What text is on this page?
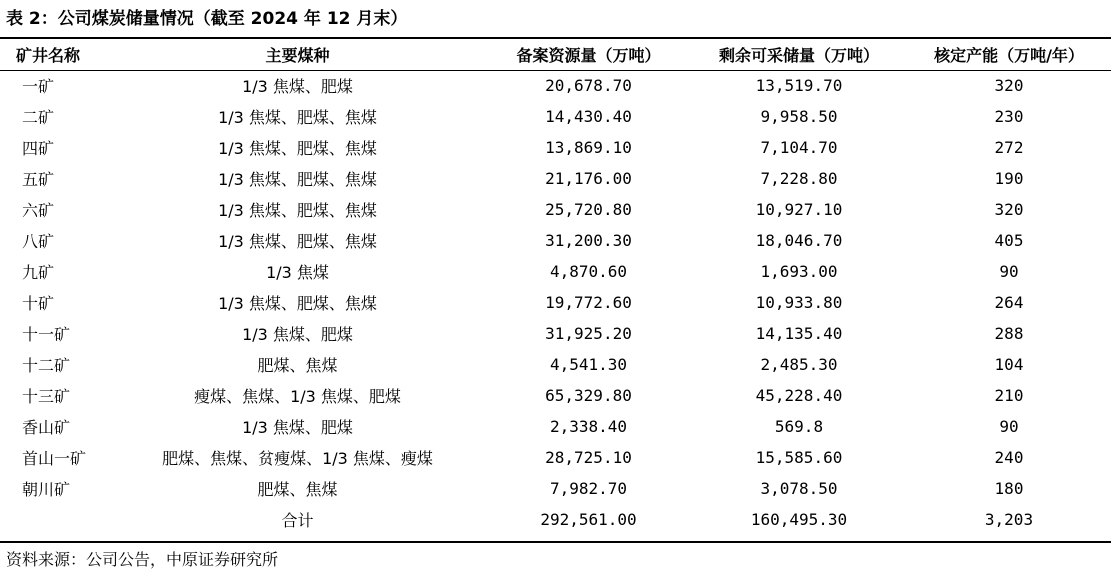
表 2：公司煤炭储量情况（截至 2024 年 12 月末）
矿井名称	主要煤种	备案资源量（万吨）	剩余可采储量（万吨）	核定产能（万吨/年）
一矿	1/3 焦煤、肥煤	20,678.70	13,519.70	320
二矿	1/3 焦煤、肥煤、焦煤	14,430.40	9,958.50	230
四矿	1/3 焦煤、肥煤、焦煤	13,869.10	7,104.70	272
五矿	1/3 焦煤、肥煤、焦煤	21,176.00	7,228.80	190
六矿	1/3 焦煤、肥煤、焦煤	25,720.80	10,927.10	320
八矿	1/3 焦煤、肥煤、焦煤	31,200.30	18,046.70	405
九矿	1/3 焦煤	4,870.60	1,693.00	90
十矿	1/3 焦煤、肥煤、焦煤	19,772.60	10,933.80	264
十一矿	1/3 焦煤、肥煤	31,925.20	14,135.40	288
十二矿	肥煤、焦煤	4,541.30	2,485.30	104
十三矿	瘦煤、焦煤、1/3 焦煤、肥煤	65,329.80	45,228.40	210
香山矿	1/3 焦煤、肥煤	2,338.40	569.8	90
首山一矿	肥煤、焦煤、贫瘦煤、1/3 焦煤、瘦煤	28,725.10	15,585.60	240
朝川矿	肥煤、焦煤	7,982.70	3,078.50	180
	合计	292,561.00	160,495.30	3,203
资料来源：公司公告，中原证券研究所
